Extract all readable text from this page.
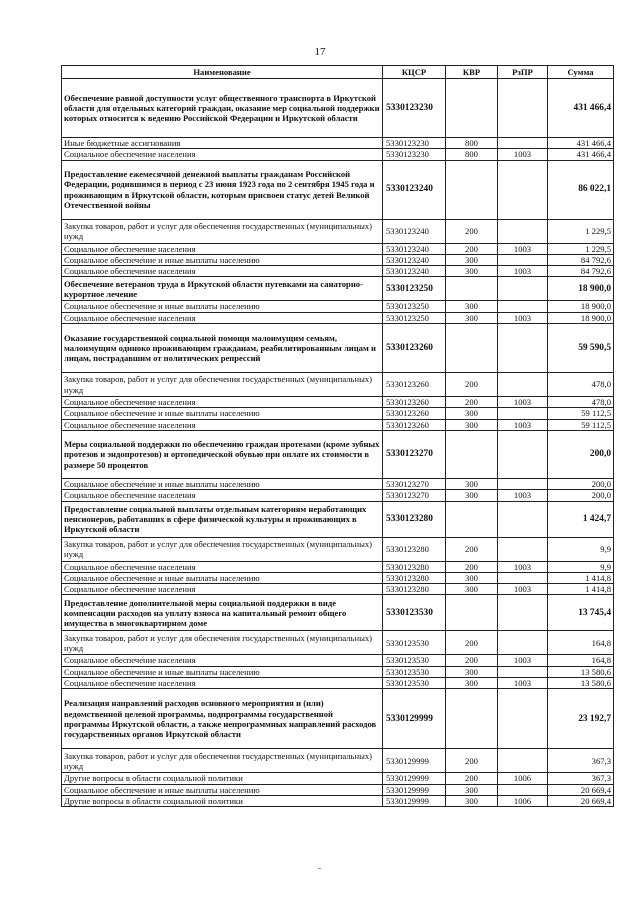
17
Наименование	КЦСР	КВР	РзПР	Сумма
Обеспечение равной доступности услуг общественного транспорта в Иркутской области для отдельных категорий граждан, оказание мер социальной поддержки которых относится к ведению Российской Федерации и Иркутской области	5330123230			431 466,4
Иные бюджетные ассигнования	5330123230	800		431 466,4
Социальное обеспечение населения	5330123230	800	1003	431 466,4
Предоставление ежемесячной денежной выплаты гражданам Российской Федерации, родившимся в период с 23 июня 1923 года по 2 сентября 1945 года и проживающим в Иркутской области, которым присвоен статус детей Великой Отечественной войны	5330123240			86 022,1
Закупка товаров, работ и услуг для обеспечения государственных (муниципальных) нужд	5330123240	200		1 229,5
Социальное обеспечение населения	5330123240	200	1003	1 229,5
Социальное обеспечение и иные выплаты населению	5330123240	300		84 792,6
Социальное обеспечение населения	5330123240	300	1003	84 792,6
Обеспечение ветеранов труда в Иркутской области путевками на санаторно-курортное лечение	5330123250			18 900,0
Социальное обеспечение и иные выплаты населению	5330123250	300		18 900,0
Социальное обеспечение населения	5330123250	300	1003	18 900,0
Оказание государственной социальной помощи малоимущим семьям, малоимущим одиноко проживающим гражданам, реабилитированным лицам и лицам, пострадавшим от политических репрессий	5330123260			59 590,5
Закупка товаров, работ и услуг для обеспечения государственных (муниципальных) нужд	5330123260	200		478,0
Социальное обеспечение населения	5330123260	200	1003	478,0
Социальное обеспечение и иные выплаты населению	5330123260	300		59 112,5
Социальное обеспечение населения	5330123260	300	1003	59 112,5
Меры социальной поддержки по обеспечению граждан протезами (кроме зубных протезов и эндопротезов) и ортопедической обувью при оплате их стоимости в размере 50 процентов	5330123270			200,0
Социальное обеспечение и иные выплаты населению	5330123270	300		200,0
Социальное обеспечение населения	5330123270	300	1003	200,0
Предоставление социальной выплаты отдельным категориям неработающих пенсионеров, работавших в сфере физической культуры и проживающих в Иркутской области	5330123280			1 424,7
Закупка товаров, работ и услуг для обеспечения государственных (муниципальных) нужд	5330123280	200		9,9
Социальное обеспечение населения	5330123280	200	1003	9,9
Социальное обеспечение и иные выплаты населению	5330123280	300		1 414,8
Социальное обеспечение населения	5330123280	300	1003	1 414,8
Предоставление дополнительной меры социальной поддержки в виде компенсации расходов на уплату взноса на капитальный ремонт общего имущества в многоквартирном доме	5330123530			13 745,4
Закупка товаров, работ и услуг для обеспечения государственных (муниципальных) нужд	5330123530	200		164,8
Социальное обеспечение населения	5330123530	200	1003	164,8
Социальное обеспечение и иные выплаты населению	5330123530	300		13 580,6
Социальное обеспечение населения	5330123530	300	1003	13 580,6
Реализация направлений расходов основного мероприятия и (или) ведомственной целевой программы, подпрограммы государственной программы Иркутской области, а также непрограммных направлений расходов государственных органов Иркутской области	5330129999			23 192,7
Закупка товаров, работ и услуг для обеспечения государственных (муниципальных) нужд	5330129999	200		367,3
Другие вопросы в области социальной политики	5330129999	200	1006	367,3
Социальное обеспечение и иные выплаты населению	5330129999	300		20 669,4
Другие вопросы в области социальной политики	5330129999	300	1006	20 669,4
